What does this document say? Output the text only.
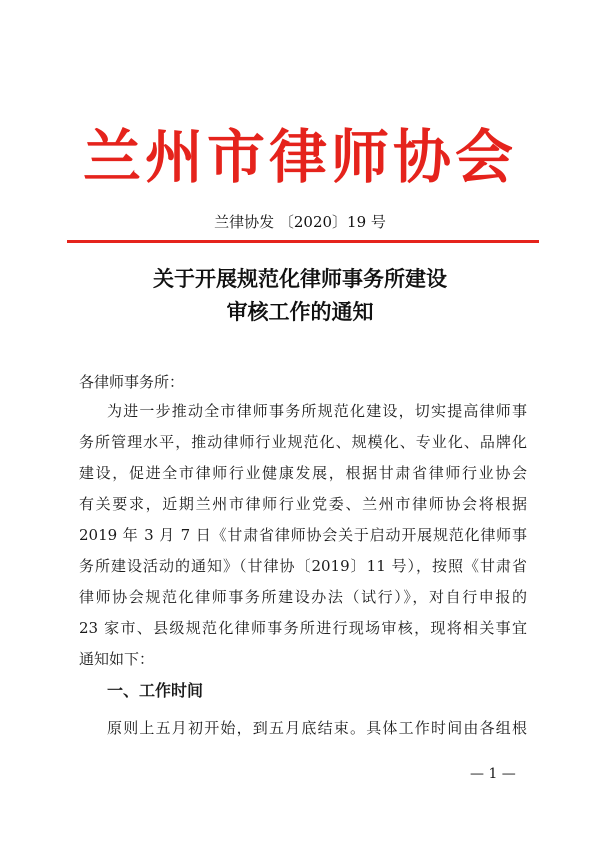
兰州市律师协会
兰律协发 〔2020〕19 号
关于开展规范化律师事务所建设
审核工作的通知
各律师事务所：
为进一步推动全市律师事务所规范化建设，切实提高律师事
务所管理水平，推动律师行业规范化、规模化、专业化、品牌化
建设，促进全市律师行业健康发展，根据甘肃省律师行业协会
有关要求，近期兰州市律师行业党委、兰州市律师协会将根据
2019 年 3 月 7 日《甘肃省律师协会关于启动开展规范化律师事
务所建设活动的通知》（甘律协〔2019〕11 号），按照《甘肃省
律师协会规范化律师事务所建设办法（试行）》，对自行申报的
23 家市、县级规范化律师事务所进行现场审核，现将相关事宜
通知如下：
一、工作时间
原则上五月初开始，到五月底结束。具体工作时间由各组根
— 1 —
